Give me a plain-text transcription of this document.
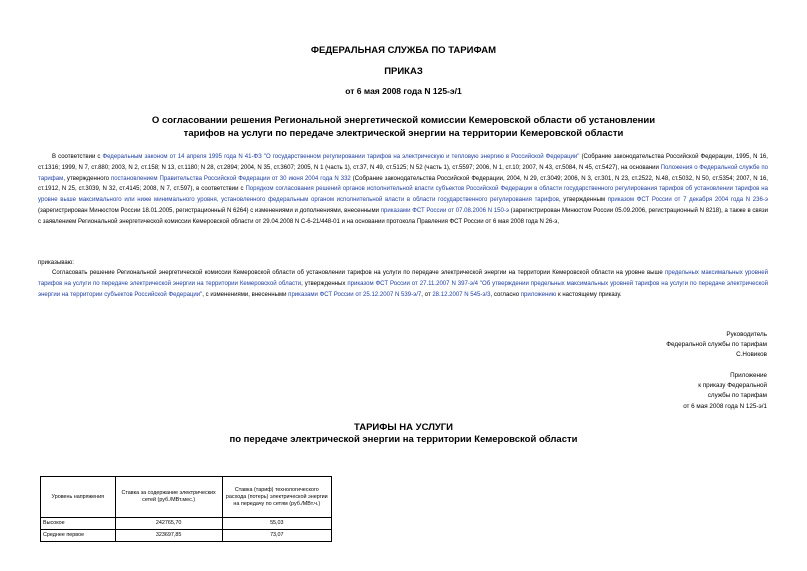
ФЕДЕРАЛЬНАЯ СЛУЖБА ПО ТАРИФАМ
ПРИКАЗ
от 6 мая 2008 года N 125-э/1
О согласовании решения Региональной энергетической комиссии Кемеровской области об установлении
тарифов на услуги по передаче электрической энергии на территории Кемеровской области
В соответствии с Федеральным законом от 14 апреля 1995 года N 41-ФЗ "О государственном регулировании тарифов на электрическую и тепловую энергию в Российской Федерации" (Собрание законодательства Российской Федерации, 1995, N 16, ст.1316; 1999, N 7, ст.880; 2003, N 2, ст.158; N 13, ст.1180; N 28, ст.2894; 2004, N 35, ст.3607; 2005, N 1 (часть 1), ст.37, N 49, ст.5125; N 52 (часть 1), ст.5597; 2006, N 1, ст.10; 2007, N 43, ст.5084, N 45, ст.5427), на основании Положения о Федеральной службе по тарифам, утвержденного постановлением Правительства Российской Федерации от 30 июня 2004 года N 332 (Собрание законодательства Российской Федерации, 2004, N 29, ст.3049; 2006, N 3, ст.301, N 23, ст.2522, N.48, ст.5032, N 50, ст.5354; 2007, N 16, ст.1912, N 25, ст.3039, N 32, ст.4145; 2008, N 7, ст.597), в соответствии с Порядком согласования решений органов исполнительной власти субъектов Российской Федерации в области государственного регулирования тарифов об установлении тарифов на уровне выше максимального или ниже минимального уровня, установленного федеральным органом исполнительной власти в области государственного регулирования тарифов, утвержденным приказом ФСТ России от 7 декабря 2004 года N 236-э (зарегистрирован Минюстом России 18.01.2005, регистрационный N 6264) с изменениями и дополнениями, внесенными приказами ФСТ России от 07.08.2006 N 150-э (зарегистрирован Минюстом России 05.09.2006, регистрационный N 8218), а также в связи с заявлением Региональной энергетической комиссии Кемеровской области от 29.04.2008 N С-6-21/448-01 и на основании протокола Правления ФСТ России от 6 мая 2008 года N 26-э,
приказываю:
Согласовать решение Региональной энергетической комиссии Кемеровской области об установлении тарифов на услуги по передаче электрической энергии на территории Кемеровской области на уровне выше предельных максимальных уровней тарифов на услуги по передаче электрической энергии на территории Кемеровской области, утвержденных приказом ФСТ России от 27.11.2007 N 397-э/4 "Об утверждении предельных максимальных уровней тарифов на услуги по передаче электрической энергии на территории субъектов Российской Федерации", с изменениями, внесенными приказами ФСТ России от 25.12.2007 N 539-э/7, от 28.12.2007 N 545-э/3, согласно приложению к настоящему приказу.
Руководитель
Федеральной службы по тарифам
С.Новиков
Приложение
к приказу Федеральной
службы по тарифам
от 6 мая 2008 года N 125-э/1
ТАРИФЫ НА УСЛУГИ
по передаче электрической энергии на территории Кемеровской области
Уровень напряжения	Ставка за содержание электрических сетей (руб./МВт.мес.)	Ставка (тариф) технологического расхода (потерь) электрической энергии на передачу по сетям (руб./МВт.ч.)
Высокое	242765,70	55,03
Среднее первое	323697,85	73,07
